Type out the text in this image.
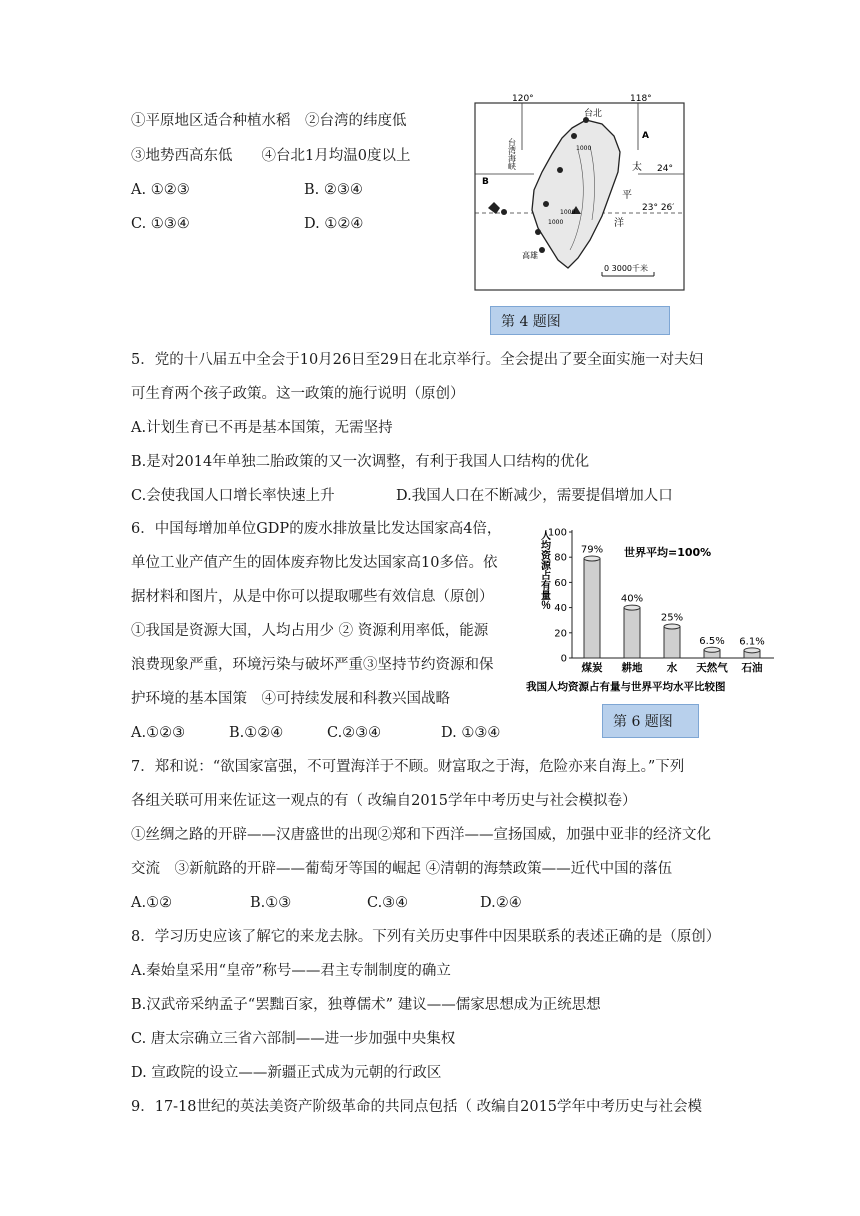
①平原地区适合种植水稻　②台湾的纬度低
③地势西高东低　　④台北1月均温0度以上
A. ①②③	B. ②③④
C. ①③④	D. ①②④
120°	118°
24°
23° 26′
台北
高雄
1000
1000
1000
台湾海峡
A
B
太
平
洋
0 3000千米
第 4 题图
5．党的十八届五中全会于10月26日至29日在北京举行。全会提出了要全面实施一对夫妇
可生育两个孩子政策。这一政策的施行说明（原创）
A.计划生育已不再是基本国策，无需坚持
B.是对2014年单独二胎政策的又一次调整，有利于我国人口结构的优化
C.会使我国人口增长率快速上升	D.我国人口在不断减少，需要提倡增加人口
6．中国每增加单位GDP的废水排放量比发达国家高4倍，
单位工业产值产生的固体废弃物比发达国家高10多倍。依
据材料和图片，从是中你可以提取哪些有效信息（原创）
①我国是资源大国，人均占用少 ② 资源利用率低，能源
浪费现象严重，环境污染与破坏严重③坚持节约资源和保
护环境的基本国策　④可持续发展和科教兴国战略
A.①②③	B.①②④	C.②③④	D. ①③④
人均资源占有量％
0
20
40
60
80
100
79%
煤炭
40%
耕地
25%
水
6.5%
天然气
6.1%
石油
世界平均=100%
我国人均资源占有量与世界平均水平比较图
第 6 题图
7．郑和说：“欲国家富强，不可置海洋于不顾。财富取之于海，危险亦来自海上。”下列
各组关联可用来佐证这一观点的有（ 改编自2015学年中考历史与社会模拟卷）
①丝绸之路的开辟——汉唐盛世的出现②郑和下西洋——宣扬国威，加强中亚非的经济文化
交流　③新航路的开辟——葡萄牙等国的崛起 ④清朝的海禁政策——近代中国的落伍
A.①②	B.①③	C.③④	D.②④
8．学习历史应该了解它的来龙去脉。下列有关历史事件中因果联系的表述正确的是（原创）
A.秦始皇采用“皇帝”称号——君主专制制度的确立
B.汉武帝采纳孟子“罢黜百家，独尊儒术” 建议——儒家思想成为正统思想
C. 唐太宗确立三省六部制——进一步加强中央集权
D. 宣政院的设立——新疆正式成为元朝的行政区
9．17-18世纪的英法美资产阶级革命的共同点包括（ 改编自2015学年中考历史与社会模
